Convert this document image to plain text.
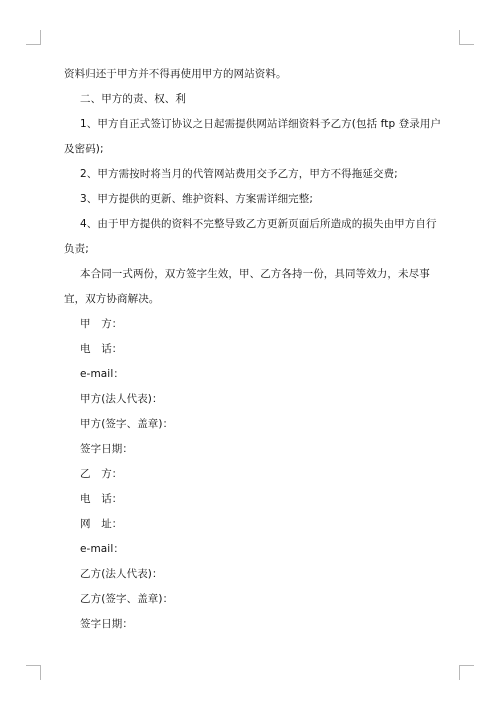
资料归还于甲方并不得再使用甲方的网站资料。

二、甲方的责、权、利

1、甲方自正式签订协议之日起需提供网站详细资料予乙方(包括 ftp 登录用户及密码);

2、甲方需按时将当月的代管网站费用交予乙方，甲方不得拖延交费;

3、甲方提供的更新、维护资料、方案需详细完整;

4、由于甲方提供的资料不完整导致乙方更新页面后所造成的损失由甲方自行负责;

本合同一式两份，双方签字生效，甲、乙方各持一份，具同等效力，未尽事宜，双方协商解决。

甲　方：

电　话：

e-mail：

甲方(法人代表)：

甲方(签字、盖章)：

签字日期：

乙　方：

电　话：

网　址：

e-mail：

乙方(法人代表)：

乙方(签字、盖章)：

签字日期：
